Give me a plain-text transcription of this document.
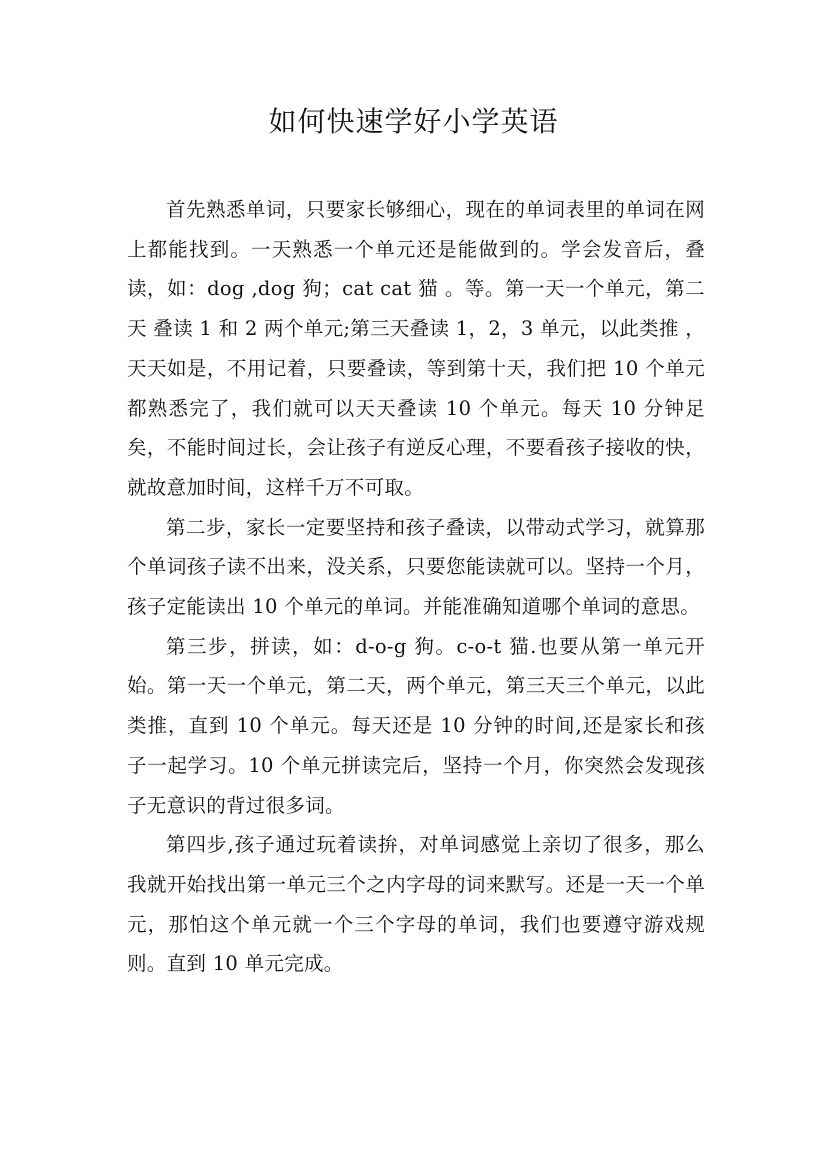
如何快速学好小学英语

首先熟悉单词，只要家长够细心，现在的单词表里的单词在网上都能找到。一天熟悉一个单元还是能做到的。学会发音后，叠读，如：dog ,dog 狗；cat cat 猫 。等。第一天一个单元，第二天 叠读 1 和 2 两个单元;第三天叠读 1，2，3 单元，以此类推 ，天天如是，不用记着，只要叠读，等到第十天，我们把 10 个单元都熟悉完了，我们就可以天天叠读 10 个单元。每天 10 分钟足矣，不能时间过长，会让孩子有逆反心理，不要看孩子接收的快，就故意加时间，这样千万不可取。

第二步，家长一定要坚持和孩子叠读，以带动式学习，就算那个单词孩子读不出来，没关系，只要您能读就可以。坚持一个月，孩子定能读出 10 个单元的单词。并能准确知道哪个单词的意思。

第三步，拼读，如：d-o-g 狗。c-o-t 猫.也要从第一单元开始。第一天一个单元，第二天，两个单元，第三天三个单元，以此类推，直到 10 个单元。每天还是 10 分钟的时间,还是家长和孩子一起学习。10 个单元拼读完后，坚持一个月，你突然会发现孩子无意识的背过很多词。

第四步,孩子通过玩着读拚，对单词感觉上亲切了很多，那么我就开始找出第一单元三个之内字母的词来默写。还是一天一个单元，那怕这个单元就一个三个字母的单词，我们也要遵守游戏规则。直到 10 单元完成。
